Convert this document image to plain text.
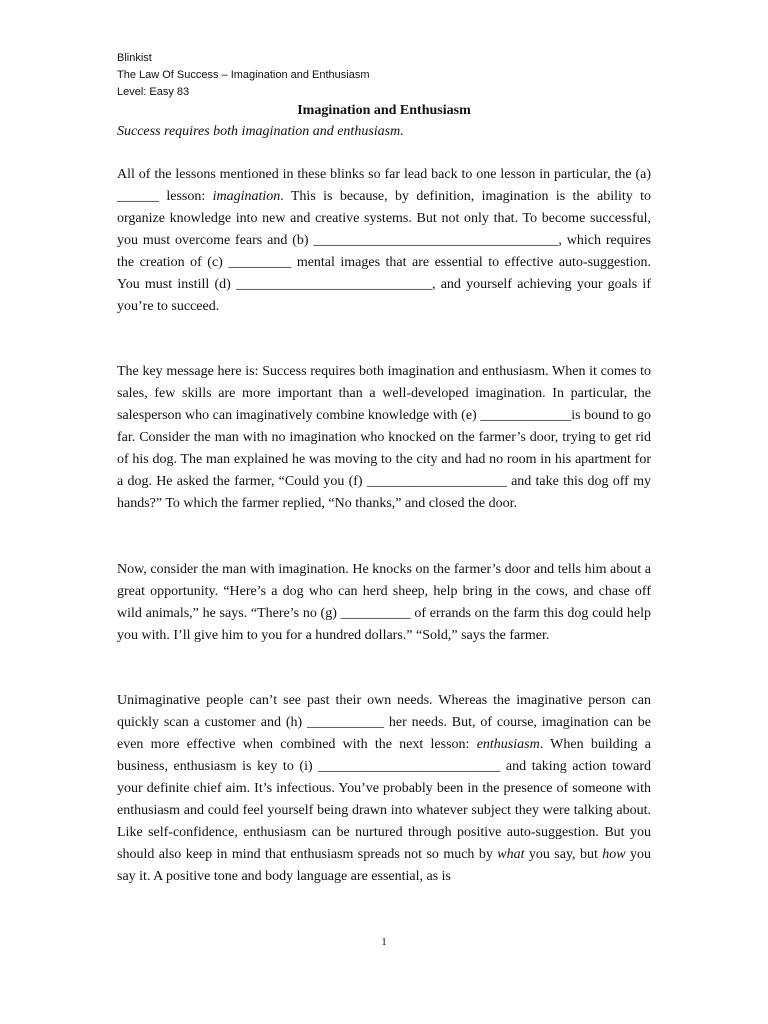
Blinkist
The Law Of Success – Imagination and Enthusiasm
Level: Easy 83
Imagination and Enthusiasm
Success requires both imagination and enthusiasm.

All of the lessons mentioned in these blinks so far lead back to one lesson in particular, the (a) ______ lesson: imagination. This is because, by definition, imagination is the ability to organize knowledge into new and creative systems. But not only that. To become successful, you must overcome fears and (b) ___________________________________, which requires the creation of (c) _________ mental images that are essential to effective auto-suggestion. You must instill (d) ____________________________, and yourself achieving your goals if you’re to succeed.

The key message here is: Success requires both imagination and enthusiasm. When it comes to sales, few skills are more important than a well-developed imagination. In particular, the salesperson who can imaginatively combine knowledge with (e) _____________is bound to go far. Consider the man with no imagination who knocked on the farmer’s door, trying to get rid of his dog. The man explained he was moving to the city and had no room in his apartment for a dog. He asked the farmer, “Could you (f) ____________________ and take this dog off my hands?” To which the farmer replied, “No thanks,” and closed the door.

Now, consider the man with imagination. He knocks on the farmer’s door and tells him about a great opportunity. “Here’s a dog who can herd sheep, help bring in the cows, and chase off wild animals,” he says. “There’s no (g) __________ of errands on the farm this dog could help you with. I’ll give him to you for a hundred dollars.” “Sold,” says the farmer.

Unimaginative people can’t see past their own needs. Whereas the imaginative person can quickly scan a customer and (h) ___________ her needs. But, of course, imagination can be even more effective when combined with the next lesson: enthusiasm. When building a business, enthusiasm is key to (i) __________________________ and taking action toward your definite chief aim. It’s infectious. You’ve probably been in the presence of someone with enthusiasm and could feel yourself being drawn into whatever subject they were talking about. Like self-confidence, enthusiasm can be nurtured through positive auto-suggestion. But you should also keep in mind that enthusiasm spreads not so much by what you say, but how you say it. A positive tone and body language are essential, as is

1
